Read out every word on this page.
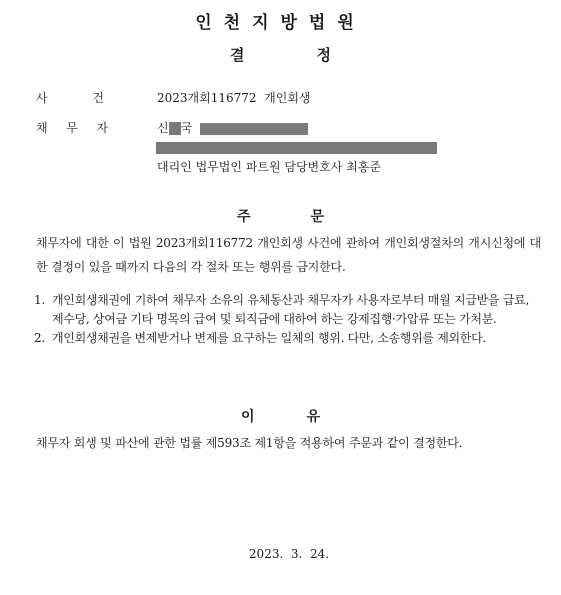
인천지방법원
결	정
사	건	2023개회116772  개인회생
채 무 자	신 국
대리인 법무법인 파트원 담당변호사 최홍준
주	문
채무자에 대한 이 법원 2023개회116772 개인회생 사건에 관하여 개인회생절차의 개시신청에 대한 결정이 있을 때까지 다음의 각 절차 또는 행위를 금지한다.
1. 개인회생채권에 기하여 채무자 소유의 유체동산과 채무자가 사용자로부터 매월 지급받을 급료, 제수당, 상여금 기타 명목의 급여 및 퇴직금에 대하여 하는 강제집행·가압류 또는 가처분.
2. 개인회생채권을 변제받거나 변제를 요구하는 일체의 행위. 다만, 소송행위를 제외한다.
이	유
채무자 회생 및 파산에 관한 법률 제593조 제1항을 적용하여 주문과 같이 결정한다.
2023.  3.  24.
